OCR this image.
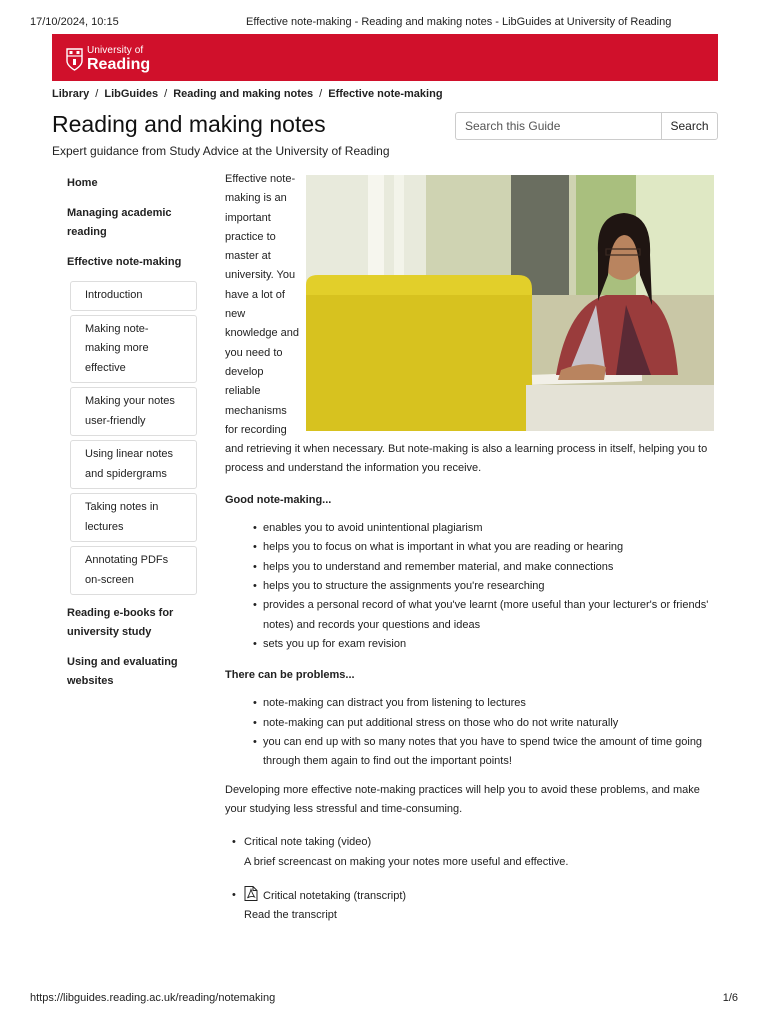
17/10/2024, 10:15	Effective note-making - Reading and making notes - LibGuides at University of Reading
University of
Reading
Library / LibGuides / Reading and making notes / Effective note-making
Reading and making notes
Expert guidance from Study Advice at the University of Reading
Search this Guide
Search
Home
Managing academic reading
Effective note-making
Introduction
Making note-making more effective
Making your notes user-friendly
Using linear notes and spidergrams
Taking notes in lectures
Annotating PDFs on-screen
Reading e-books for university study
Using and evaluating websites

Effective note-making is an important practice to master at university. You have a lot of new knowledge and you need to develop reliable mechanisms for recording and retrieving it when necessary. But note-making is also a learning process in itself, helping you to process and understand the information you receive.

Good note-making...
• enables you to avoid unintentional plagiarism
• helps you to focus on what is important in what you are reading or hearing
• helps you to understand and remember material, and make connections
• helps you to structure the assignments you're researching
• provides a personal record of what you've learnt (more useful than your lecturer's or friends' notes) and records your questions and ideas
• sets you up for exam revision
There can be problems...
• note-making can distract you from listening to lectures
• note-making can put additional stress on those who do not write naturally
• you can end up with so many notes that you have to spend twice the amount of time going through them again to find out the important points!

Developing more effective note-making practices will help you to avoid these problems, and make your studying less stressful and time-consuming.

• Critical note taking (video)
A brief screencast on making your notes more useful and effective.
• Critical notetaking (transcript)
Read the transcript
https://libguides.reading.ac.uk/reading/notemaking	1/6
